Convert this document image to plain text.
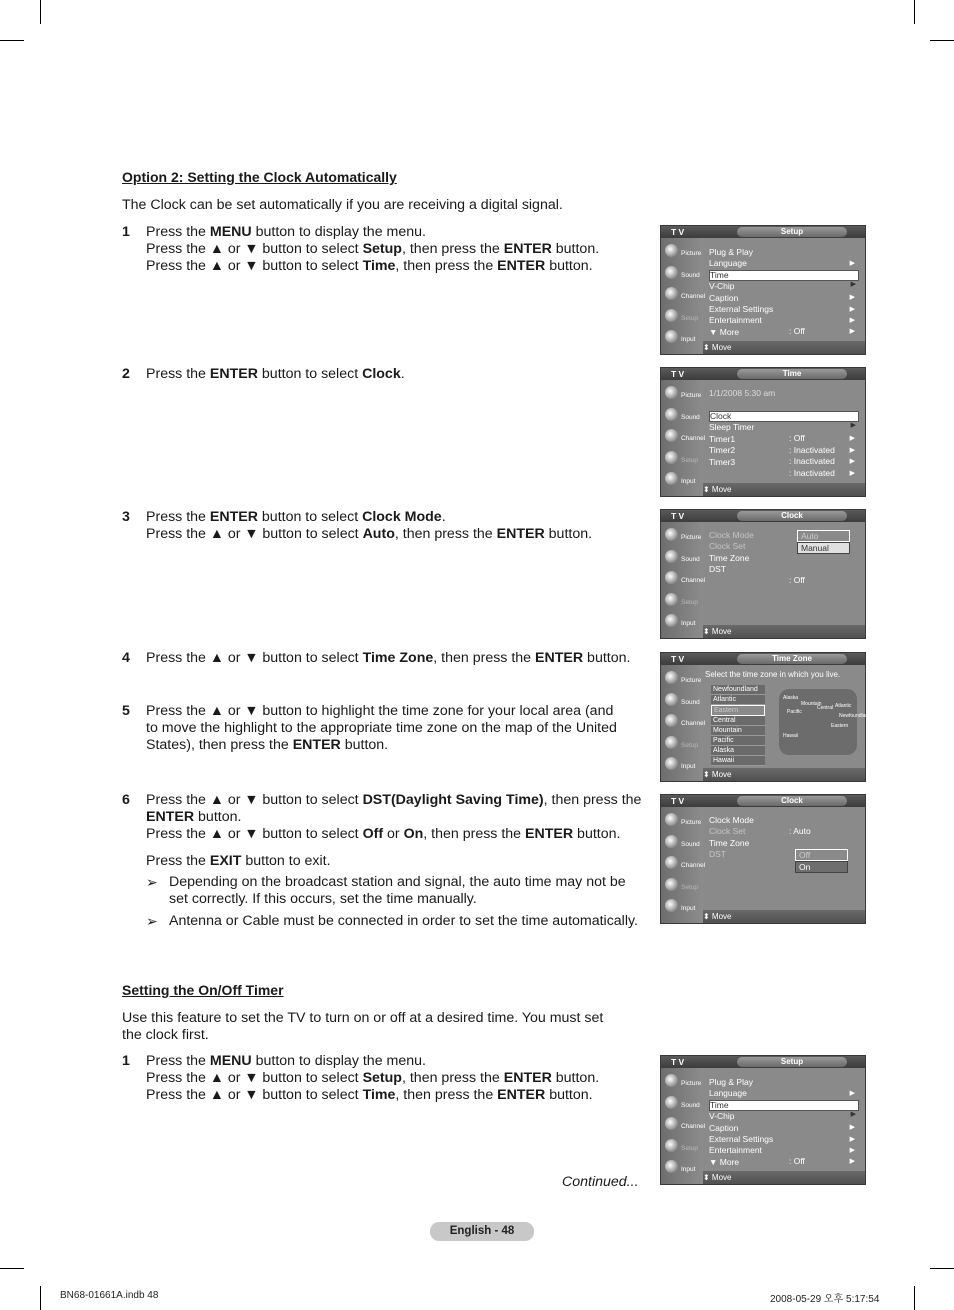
Option 2: Setting the Clock Automatically
The Clock can be set automatically if you are receiving a digital signal.
1 Press the MENU button to display the menu.
Press the ▲ or ▼ button to select Setup, then press the ENTER button.
Press the ▲ or ▼ button to select Time, then press the ENTER button.
2 Press the ENTER button to select Clock.
3 Press the ENTER button to select Clock Mode.
Press the ▲ or ▼ button to select Auto, then press the ENTER button.
4 Press the ▲ or ▼ button to select Time Zone, then press the ENTER button.
5 Press the ▲ or ▼ button to highlight the time zone for your local area (and
to move the highlight to the appropriate time zone on the map of the United
States), then press the ENTER button.
6 Press the ▲ or ▼ button to select DST(Daylight Saving Time), then press the
ENTER button.
Press the ▲ or ▼ button to select Off or On, then press the ENTER button.
Press the EXIT button to exit.
➢ Depending on the broadcast station and signal, the auto time may not be set correctly. If this occurs, set the time manually.
➢ Antenna or Cable must be connected in order to set the time automatically.
Setting the On/Off Timer
Use this feature to set the TV to turn on or off at a desired time. You must set the clock first.
1 Press the MENU button to display the menu.
Press the ▲ or ▼ button to select Setup, then press the ENTER button.
Press the ▲ or ▼ button to select Time, then press the ENTER button.
Continued...
T V	Setup
Picture
Sound
Channel
Setup
Input
⬍ Move
⏎ Enter
Plug & Play
▶
Language
Time
▶
V-Chip
▶
Caption
▶
External Settings
▶
Entertainment
: Off	▶
▼ More
T V	Time
Picture
Sound
Channel
Setup
Input
⬍ Move
⏎ Enter
1/1/2008 5:30 am
Clock
▶
Sleep Timer
: Off	▶
Timer1
: Inactivated ▶
Timer2
: Inactivated ▶
Timer3
: Inactivated ▶
T V	Clock
Picture
Sound
Channel
Setup
Input
⬍ Move
⏎ Enter
Clock Mode
Clock Set
Time Zone
DST
: Off
Auto
Manual
T V	Time Zone
Picture
Sound
Channel
Setup
Input
⬍ Move
⏎ Enter
Select the time zone in which you live.
Newfoundland
Atlantic
Eastern
Central
Mountain
Pacific
Alaska
Hawaii
Alaska
Pacific
Central Atlantic
Newfoundland
Eastern
Hawaii
Mountain
T V	Clock
Picture
Sound
Channel
Setup
Input
⬍ Move
⏎ Enter
↺ Return
Clock Mode
: Auto
Clock Set
Time Zone
DST	Off
On
T V	Setup
Picture
Sound
Channel
Setup
Input
⬍ Move
⏎ Enter
↺ Return
Plug & Play
▶
Language
Time
▶
V-Chip
▶
Caption
▶
External Settings
▶
Entertainment
: Off	▶
▼ More
English - 48
BN68-01661A.indb 48	2008-05-29 오후 5:17:54
